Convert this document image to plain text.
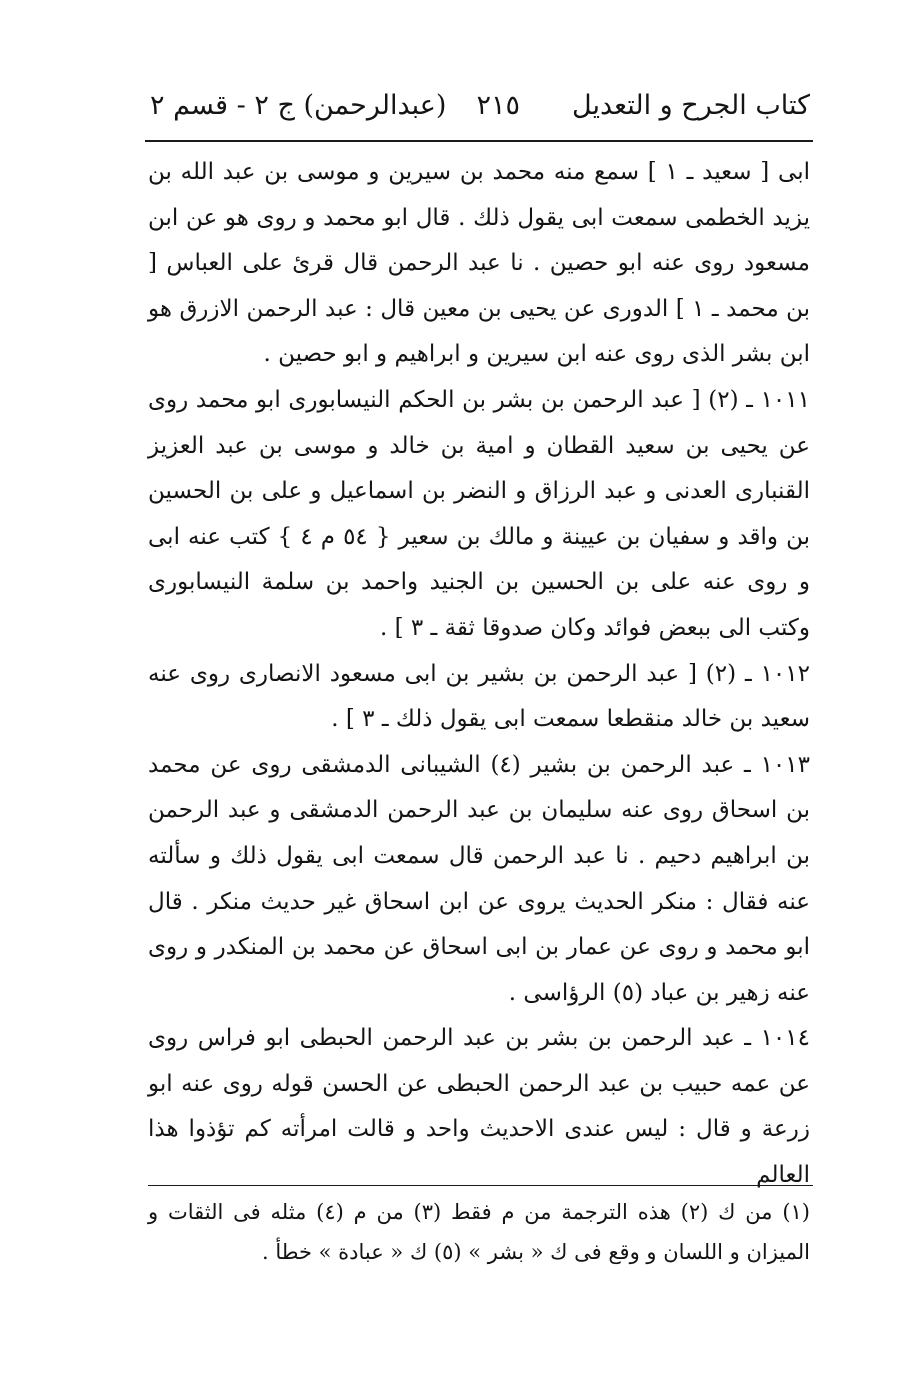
كتاب الجرح و التعديل
٢١٥
(عبدالرحمن) ج ٢ - قسم ٢

ابى [ سعيد ـ ١ ] سمع منه محمد بن سيرين و موسى بن عبد الله بن يزيد الخطمى سمعت ابى يقول ذلك . قال ابو محمد و روى هو عن ابن مسعود روى عنه ابو حصين . نا عبد الرحمن قال قرئ على العباس [ بن محمد ـ ١ ] الدورى عن يحيى بن معين قال : عبد الرحمن الازرق هو ابن بشر الذى روى عنه ابن سيرين و ابراهيم و ابو حصين .

١٠١١ ـ (٢) [ عبد الرحمن بن بشر بن الحكم النيسابورى ابو محمد روى عن يحيى بن سعيد القطان و امية بن خالد و موسى بن عبد العزيز القنبارى العدنى و عبد الرزاق و النضر بن اسماعيل و على بن الحسين بن واقد و سفيان بن عيينة و مالك بن سعير { ٥٤ م ٤ } كتب عنه ابى و روى عنه على بن الحسين بن الجنيد واحمد بن سلمة النيسابورى وكتب الى ببعض فوائد وكان صدوقا ثقة ـ ٣ ] .

١٠١٢ ـ (٢) [ عبد الرحمن بن بشير بن ابى مسعود الانصارى روى عنه سعيد بن خالد منقطعا سمعت ابى يقول ذلك ـ ٣ ] .

١٠١٣ ـ عبد الرحمن بن بشير (٤) الشيبانى الدمشقى روى عن محمد بن اسحاق روى عنه سليمان بن عبد الرحمن الدمشقى و عبد الرحمن بن ابراهيم دحيم . نا عبد الرحمن قال سمعت ابى يقول ذلك و سألته عنه فقال : منكر الحديث يروى عن ابن اسحاق غير حديث منكر . قال ابو محمد و روى عن عمار بن ابى اسحاق عن محمد بن المنكدر و روى عنه زهير بن عباد (٥) الرؤاسى .

١٠١٤ ـ عبد الرحمن بن بشر بن عبد الرحمن الحبطى ابو فراس روى عن عمه حبيب بن عبد الرحمن الحبطى عن الحسن قوله روى عنه ابو زرعة و قال : ليس عندى الاحديث واحد و قالت امرأته كم تؤذوا هذا العالم

(١) من ك (٢) هذه الترجمة من م فقط (٣) من م (٤) مثله فى الثقات و الميزان و اللسان و وقع فى ك « بشر » (٥) ك « عبادة » خطأ .
